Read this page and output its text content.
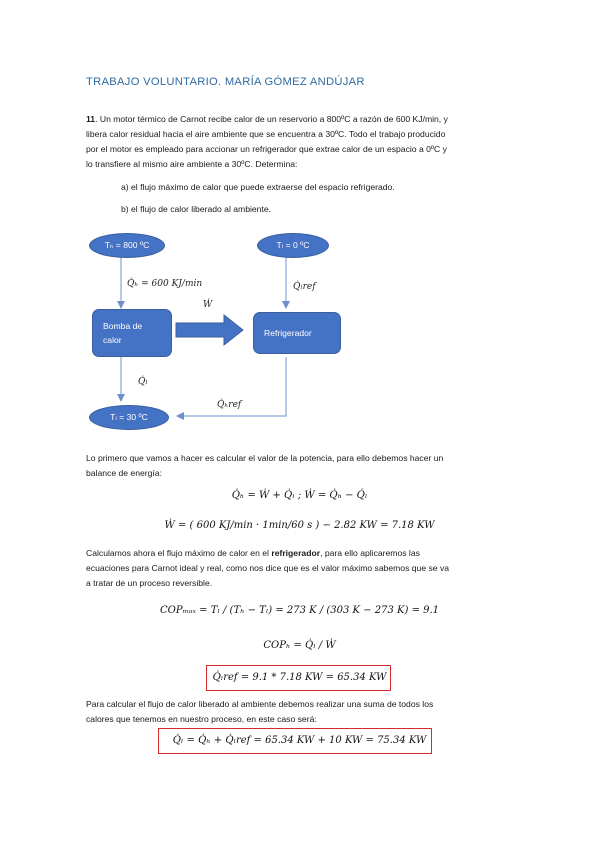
TRABAJO VOLUNTARIO. MARÍA GÓMEZ ANDÚJAR
11. Un motor térmico de Carnot recibe calor de un reservorio a 800ºC a razón de 600 KJ/min, y
libera calor residual hacia el aire ambiente que se encuentra a 30ºC. Todo el trabajo producido
por el motor es empleado para accionar un refrigerador que extrae calor de un espacio a 0ºC y
lo transfiere al mismo aire ambiente a 30ºC. Determina:
a) el flujo máximo de calor que puede extraerse del espacio refrigerado.
b) el flujo de calor liberado al ambiente.
Tₕ = 800 ºC	Tₗ = 0 ºC
Bomba de
calor
Refrigerador
Tₗ = 30 ºC
Q̇ₕ = 600 KJ/min
Ẇ
Q̇ₗref
Q̇ₗ
Q̇ₕref
Lo primero que vamos a hacer es calcular el valor de la potencia, para ello debemos hacer un
balance de energía:
Q̇ₕ = Ẇ + Q̇ₗ ; Ẇ = Q̇ₕ − Q̇ₗ
Ẇ = ( 600 KJ/min · 1min/60 s ) − 2.82 KW = 7.18 KW
Calculamos ahora el flujo máximo de calor en el refrigerador, para ello aplicaremos las
ecuaciones para Carnot ideal y real, como nos dice que es el valor máximo sabemos que se va
a tratar de un proceso reversible.
COPₘₐₓ = Tₗ / (Tₕ − Tₗ) = 273 K / (303 K − 273 K) = 9.1
COPₕ = Q̇ₗ / Ẇ
Q̇ₗref = 9.1 * 7.18 KW = 65.34 KW
Para calcular el flujo de calor liberado al ambiente debemos realizar una suma de todos los
calores que tenemos en nuestro proceso, en este caso será:
Q̇ₗ = Q̇ₕ + Q̇ₗref = 65.34 KW + 10 KW = 75.34 KW
